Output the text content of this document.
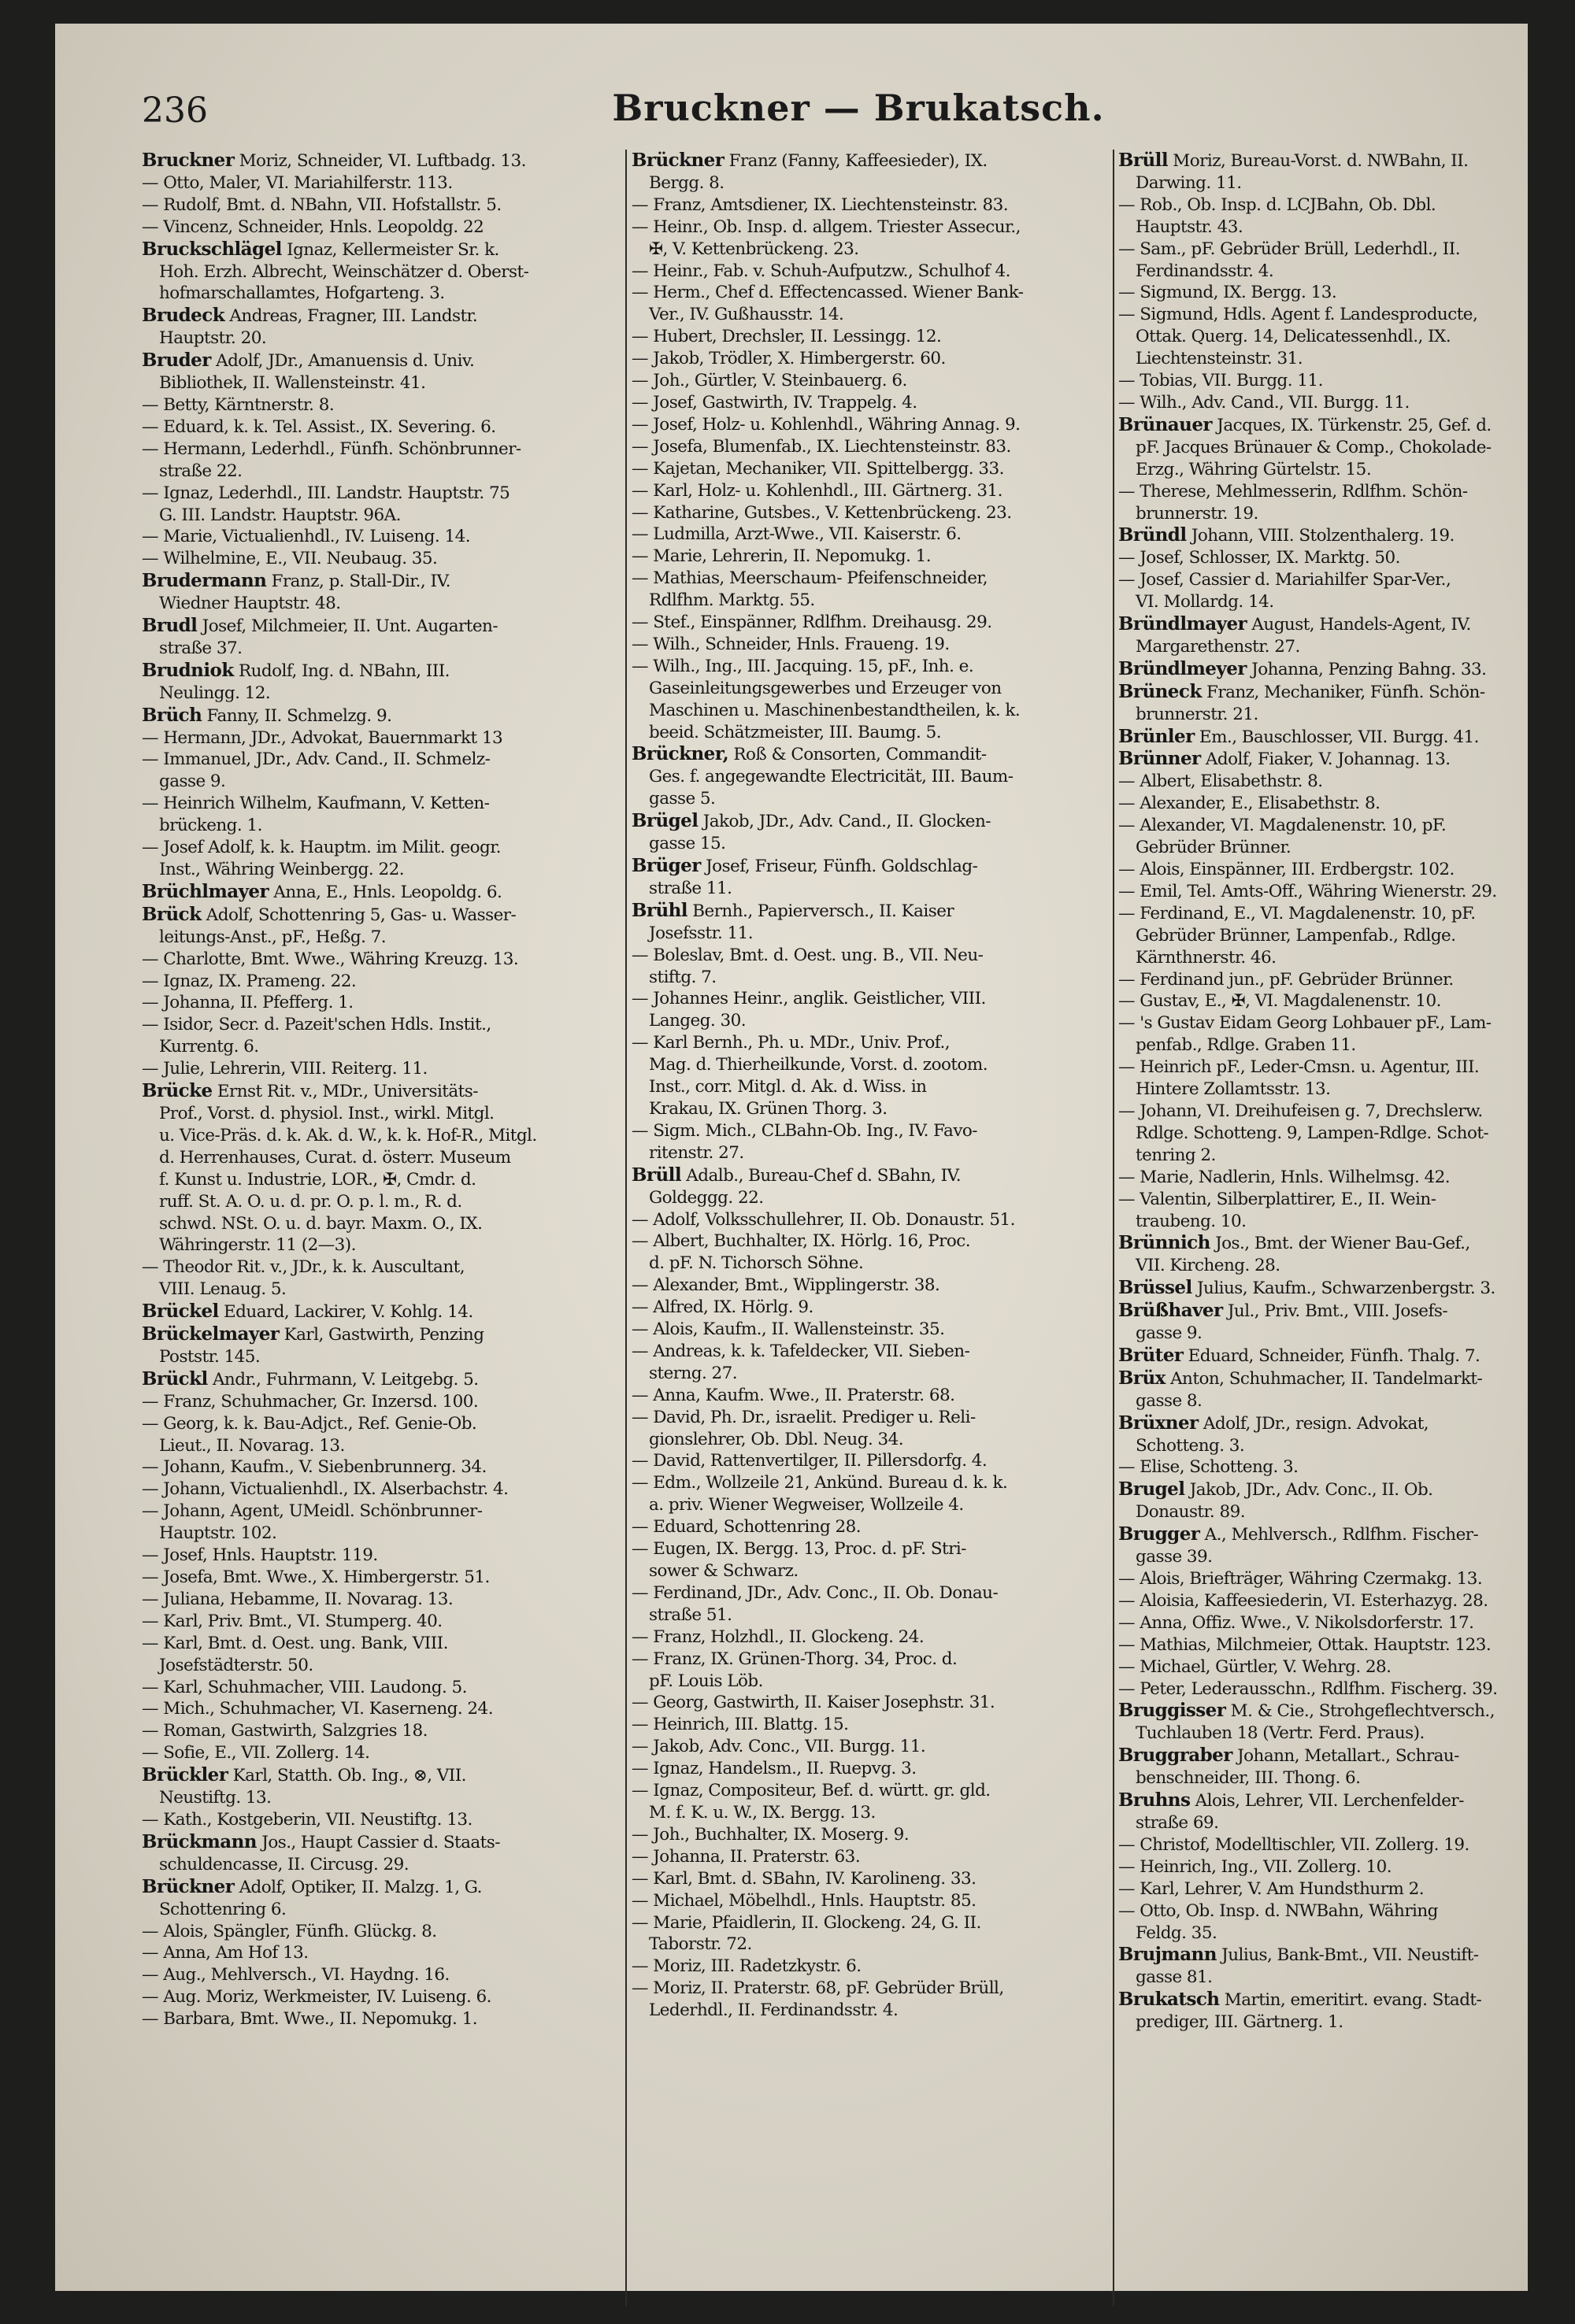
236	Bruckner — Brukatsch.
Bruckner Moriz, Schneider, VI. Luftbadg. 13.
— Otto, Maler, VI. Mariahilferstr. 113.
— Rudolf, Bmt. d. NBahn, VII. Hofstallstr. 5.
— Vincenz, Schneider, Hnls. Leopoldg. 22
Bruckschlägel Ignaz, Kellermeister Sr. k.
Hoh. Erzh. Albrecht, Weinschätzer d. Oberst-
hofmarschallamtes, Hofgarteng. 3.
Brudeck Andreas, Fragner, III. Landstr.
Hauptstr. 20.
Bruder Adolf, JDr., Amanuensis d. Univ.
Bibliothek, II. Wallensteinstr. 41.
— Betty, Kärntnerstr. 8.
— Eduard, k. k. Tel. Assist., IX. Severing. 6.
— Hermann, Lederhdl., Fünfh. Schönbrunner-
straße 22.
— Ignaz, Lederhdl., III. Landstr. Hauptstr. 75
G. III. Landstr. Hauptstr. 96A.
— Marie, Victualienhdl., IV. Luiseng. 14.
— Wilhelmine, E., VII. Neubaug. 35.
Brudermann Franz, p. Stall-Dir., IV.
Wiedner Hauptstr. 48.
Brudl Josef, Milchmeier, II. Unt. Augarten-
straße 37.
Brudniok Rudolf, Ing. d. NBahn, III.
Neulingg. 12.
Brüch Fanny, II. Schmelzg. 9.
— Hermann, JDr., Advokat, Bauernmarkt 13
— Immanuel, JDr., Adv. Cand., II. Schmelz-
gasse 9.
— Heinrich Wilhelm, Kaufmann, V. Ketten-
brückeng. 1.
— Josef Adolf, k. k. Hauptm. im Milit. geogr.
Inst., Währing Weinbergg. 22.
Brüchlmayer Anna, E., Hnls. Leopoldg. 6.
Brück Adolf, Schottenring 5, Gas- u. Wasser-
leitungs-Anst., pF., Heßg. 7.
— Charlotte, Bmt. Wwe., Währing Kreuzg. 13.
— Ignaz, IX. Prameng. 22.
— Johanna, II. Pfefferg. 1.
— Isidor, Secr. d. Pazeit'schen Hdls. Instit.,
Kurrentg. 6.
— Julie, Lehrerin, VIII. Reiterg. 11.
Brücke Ernst Rit. v., MDr., Universitäts-
Prof., Vorst. d. physiol. Inst., wirkl. Mitgl.
u. Vice-Präs. d. k. Ak. d. W., k. k. Hof-R., Mitgl.
d. Herrenhauses, Curat. d. österr. Museum
f. Kunst u. Industrie, LOR., ✠, Cmdr. d.
ruff. St. A. O. u. d. pr. O. p. l. m., R. d.
schwd. NSt. O. u. d. bayr. Maxm. O., IX.
Währingerstr. 11 (2—3).
— Theodor Rit. v., JDr., k. k. Auscultant,
VIII. Lenaug. 5.
Brückel Eduard, Lackirer, V. Kohlg. 14.
Brückelmayer Karl, Gastwirth, Penzing
Poststr. 145.
Brückl Andr., Fuhrmann, V. Leitgebg. 5.
— Franz, Schuhmacher, Gr. Inzersd. 100.
— Georg, k. k. Bau-Adjct., Ref. Genie-Ob.
Lieut., II. Novarag. 13.
— Johann, Kaufm., V. Siebenbrunnerg. 34.
— Johann, Victualienhdl., IX. Alserbachstr. 4.
— Johann, Agent, UMeidl. Schönbrunner-
Hauptstr. 102.
— Josef, Hnls. Hauptstr. 119.
— Josefa, Bmt. Wwe., X. Himbergerstr. 51.
— Juliana, Hebamme, II. Novarag. 13.
— Karl, Priv. Bmt., VI. Stumperg. 40.
— Karl, Bmt. d. Oest. ung. Bank, VIII.
Josefstädterstr. 50.
— Karl, Schuhmacher, VIII. Laudong. 5.
— Mich., Schuhmacher, VI. Kaserneng. 24.
— Roman, Gastwirth, Salzgries 18.
— Sofie, E., VII. Zollerg. 14.
Brückler Karl, Statth. Ob. Ing., ⊗, VII.
Neustiftg. 13.
— Kath., Kostgeberin, VII. Neustiftg. 13.
Brückmann Jos., Haupt Cassier d. Staats-
schuldencasse, II. Circusg. 29.
Brückner Adolf, Optiker, II. Malzg. 1, G.
Schottenring 6.
— Alois, Spängler, Fünfh. Glückg. 8.
— Anna, Am Hof 13.
— Aug., Mehlversch., VI. Haydng. 16.
— Aug. Moriz, Werkmeister, IV. Luiseng. 6.
— Barbara, Bmt. Wwe., II. Nepomukg. 1.
Brückner Franz (Fanny, Kaffeesieder), IX.
Bergg. 8.
— Franz, Amtsdiener, IX. Liechtensteinstr. 83.
— Heinr., Ob. Insp. d. allgem. Triester Assecur.,
✠, V. Kettenbrückeng. 23.
— Heinr., Fab. v. Schuh-Aufputzw., Schulhof 4.
— Herm., Chef d. Effectencassed. Wiener Bank-
Ver., IV. Gußhausstr. 14.
— Hubert, Drechsler, II. Lessingg. 12.
— Jakob, Trödler, X. Himbergerstr. 60.
— Joh., Gürtler, V. Steinbauerg. 6.
— Josef, Gastwirth, IV. Trappelg. 4.
— Josef, Holz- u. Kohlenhdl., Währing Annag. 9.
— Josefa, Blumenfab., IX. Liechtensteinstr. 83.
— Kajetan, Mechaniker, VII. Spittelbergg. 33.
— Karl, Holz- u. Kohlenhdl., III. Gärtnerg. 31.
— Katharine, Gutsbes., V. Kettenbrückeng. 23.
— Ludmilla, Arzt-Wwe., VII. Kaiserstr. 6.
— Marie, Lehrerin, II. Nepomukg. 1.
— Mathias, Meerschaum- Pfeifenschneider,
Rdlfhm. Marktg. 55.
— Stef., Einspänner, Rdlfhm. Dreihausg. 29.
— Wilh., Schneider, Hnls. Fraueng. 19.
— Wilh., Ing., III. Jacquing. 15, pF., Inh. e.
Gaseinleitungsgewerbes und Erzeuger von
Maschinen u. Maschinenbestandtheilen, k. k.
beeid. Schätzmeister, III. Baumg. 5.
Brückner, Roß & Consorten, Commandit-
Ges. f. angegewandte Electricität, III. Baum-
gasse 5.
Brügel Jakob, JDr., Adv. Cand., II. Glocken-
gasse 15.
Brüger Josef, Friseur, Fünfh. Goldschlag-
straße 11.
Brühl Bernh., Papierversch., II. Kaiser
Josefsstr. 11.
— Boleslav, Bmt. d. Oest. ung. B., VII. Neu-
stiftg. 7.
— Johannes Heinr., anglik. Geistlicher, VIII.
Langeg. 30.
— Karl Bernh., Ph. u. MDr., Univ. Prof.,
Mag. d. Thierheilkunde, Vorst. d. zootom.
Inst., corr. Mitgl. d. Ak. d. Wiss. in
Krakau, IX. Grünen Thorg. 3.
— Sigm. Mich., CLBahn-Ob. Ing., IV. Favo-
ritenstr. 27.
Brüll Adalb., Bureau-Chef d. SBahn, IV.
Goldeggg. 22.
— Adolf, Volksschullehrer, II. Ob. Donaustr. 51.
— Albert, Buchhalter, IX. Hörlg. 16, Proc.
d. pF. N. Tichorsch Söhne.
— Alexander, Bmt., Wipplingerstr. 38.
— Alfred, IX. Hörlg. 9.
— Alois, Kaufm., II. Wallensteinstr. 35.
— Andreas, k. k. Tafeldecker, VII. Sieben-
sterng. 27.
— Anna, Kaufm. Wwe., II. Praterstr. 68.
— David, Ph. Dr., israelit. Prediger u. Reli-
gionslehrer, Ob. Dbl. Neug. 34.
— David, Rattenvertilger, II. Pillersdorfg. 4.
— Edm., Wollzeile 21, Ankünd. Bureau d. k. k.
a. priv. Wiener Wegweiser, Wollzeile 4.
— Eduard, Schottenring 28.
— Eugen, IX. Bergg. 13, Proc. d. pF. Stri-
sower & Schwarz.
— Ferdinand, JDr., Adv. Conc., II. Ob. Donau-
straße 51.
— Franz, Holzhdl., II. Glockeng. 24.
— Franz, IX. Grünen-Thorg. 34, Proc. d.
pF. Louis Löb.
— Georg, Gastwirth, II. Kaiser Josephstr. 31.
— Heinrich, III. Blattg. 15.
— Jakob, Adv. Conc., VII. Burgg. 11.
— Ignaz, Handelsm., II. Ruepvg. 3.
— Ignaz, Compositeur, Bef. d. württ. gr. gld.
M. f. K. u. W., IX. Bergg. 13.
— Joh., Buchhalter, IX. Moserg. 9.
— Johanna, II. Praterstr. 63.
— Karl, Bmt. d. SBahn, IV. Karolineng. 33.
— Michael, Möbelhdl., Hnls. Hauptstr. 85.
— Marie, Pfaidlerin, II. Glockeng. 24, G. II.
Taborstr. 72.
— Moriz, III. Radetzkystr. 6.
— Moriz, II. Praterstr. 68, pF. Gebrüder Brüll,
Lederhdl., II. Ferdinandsstr. 4.
Brüll Moriz, Bureau-Vorst. d. NWBahn, II.
Darwing. 11.
— Rob., Ob. Insp. d. LCJBahn, Ob. Dbl.
Hauptstr. 43.
— Sam., pF. Gebrüder Brüll, Lederhdl., II.
Ferdinandsstr. 4.
— Sigmund, IX. Bergg. 13.
— Sigmund, Hdls. Agent f. Landesproducte,
Ottak. Querg. 14, Delicatessenhdl., IX.
Liechtensteinstr. 31.
— Tobias, VII. Burgg. 11.
— Wilh., Adv. Cand., VII. Burgg. 11.
Brünauer Jacques, IX. Türkenstr. 25, Gef. d.
pF. Jacques Brünauer & Comp., Chokolade-
Erzg., Währing Gürtelstr. 15.
— Therese, Mehlmesserin, Rdlfhm. Schön-
brunnerstr. 19.
Bründl Johann, VIII. Stolzenthalerg. 19.
— Josef, Schlosser, IX. Marktg. 50.
— Josef, Cassier d. Mariahilfer Spar-Ver.,
VI. Mollardg. 14.
Bründlmayer August, Handels-Agent, IV.
Margarethenstr. 27.
Bründlmeyer Johanna, Penzing Bahng. 33.
Brüneck Franz, Mechaniker, Fünfh. Schön-
brunnerstr. 21.
Brünler Em., Bauschlosser, VII. Burgg. 41.
Brünner Adolf, Fiaker, V. Johannag. 13.
— Albert, Elisabethstr. 8.
— Alexander, E., Elisabethstr. 8.
— Alexander, VI. Magdalenenstr. 10, pF.
Gebrüder Brünner.
— Alois, Einspänner, III. Erdbergstr. 102.
— Emil, Tel. Amts-Off., Währing Wienerstr. 29.
— Ferdinand, E., VI. Magdalenenstr. 10, pF.
Gebrüder Brünner, Lampenfab., Rdlge.
Kärnthnerstr. 46.
— Ferdinand jun., pF. Gebrüder Brünner.
— Gustav, E., ✠, VI. Magdalenenstr. 10.
— 's Gustav Eidam Georg Lohbauer pF., Lam-
penfab., Rdlge. Graben 11.
— Heinrich pF., Leder-Cmsn. u. Agentur, III.
Hintere Zollamtsstr. 13.
— Johann, VI. Dreihufeisen g. 7, Drechslerw.
Rdlge. Schotteng. 9, Lampen-Rdlge. Schot-
tenring 2.
— Marie, Nadlerin, Hnls. Wilhelmsg. 42.
— Valentin, Silberplattirer, E., II. Wein-
traubeng. 10.
Brünnich Jos., Bmt. der Wiener Bau-Gef.,
VII. Kircheng. 28.
Brüssel Julius, Kaufm., Schwarzenbergstr. 3.
Brüßhaver Jul., Priv. Bmt., VIII. Josefs-
gasse 9.
Brüter Eduard, Schneider, Fünfh. Thalg. 7.
Brüx Anton, Schuhmacher, II. Tandelmarkt-
gasse 8.
Brüxner Adolf, JDr., resign. Advokat,
Schotteng. 3.
— Elise, Schotteng. 3.
Brugel Jakob, JDr., Adv. Conc., II. Ob.
Donaustr. 89.
Brugger A., Mehlversch., Rdlfhm. Fischer-
gasse 39.
— Alois, Briefträger, Währing Czermakg. 13.
— Aloisia, Kaffeesiederin, VI. Esterhazyg. 28.
— Anna, Offiz. Wwe., V. Nikolsdorferstr. 17.
— Mathias, Milchmeier, Ottak. Hauptstr. 123.
— Michael, Gürtler, V. Wehrg. 28.
— Peter, Lederausschn., Rdlfhm. Fischerg. 39.
Bruggisser M. & Cie., Strohgeflechtversch.,
Tuchlauben 18 (Vertr. Ferd. Praus).
Bruggraber Johann, Metallart., Schrau-
benschneider, III. Thong. 6.
Bruhns Alois, Lehrer, VII. Lerchenfelder-
straße 69.
— Christof, Modelltischler, VII. Zollerg. 19.
— Heinrich, Ing., VII. Zollerg. 10.
— Karl, Lehrer, V. Am Hundsthurm 2.
— Otto, Ob. Insp. d. NWBahn, Währing
Feldg. 35.
Brujmann Julius, Bank-Bmt., VII. Neustift-
gasse 81.
Brukatsch Martin, emeritirt. evang. Stadt-
prediger, III. Gärtnerg. 1.
